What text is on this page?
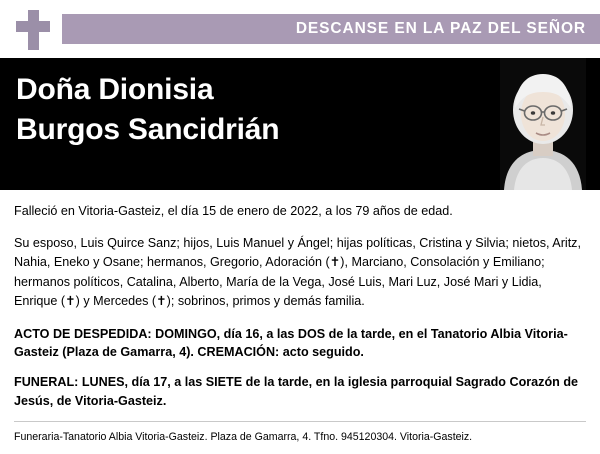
DESCANSE EN LA PAZ DEL SEÑOR
Doña Dionisia
Burgos Sancidrián

Falleció en Vitoria-Gasteiz, el día 15 de enero de 2022, a los 79 años de edad.

Su esposo, Luis Quirce Sanz; hijos, Luis Manuel y Ángel; hijas políticas, Cristina y Silvia; nietos, Aritz, Nahia, Eneko y Osane; hermanos, Gregorio, Adoración (✝), Marciano, Consolación y Emiliano; hermanos políticos, Catalina, Alberto, María de la Vega, José Luis, Mari Luz, José Mari y Lidia, Enrique (✝) y Mercedes (✝); sobrinos, primos y demás familia.

ACTO DE DESPEDIDA: DOMINGO, día 16, a las DOS de la tarde, en el Tanatorio Albia Vitoria-Gasteiz (Plaza de Gamarra, 4). CREMACIÓN: acto seguido.

FUNERAL: LUNES, día 17, a las SIETE de la tarde, en la iglesia parroquial Sagrado Corazón de Jesús, de Vitoria-Gasteiz.

Funeraria-Tanatorio Albia Vitoria-Gasteiz. Plaza de Gamarra, 4. Tfno. 945120304. Vitoria-Gasteiz.
